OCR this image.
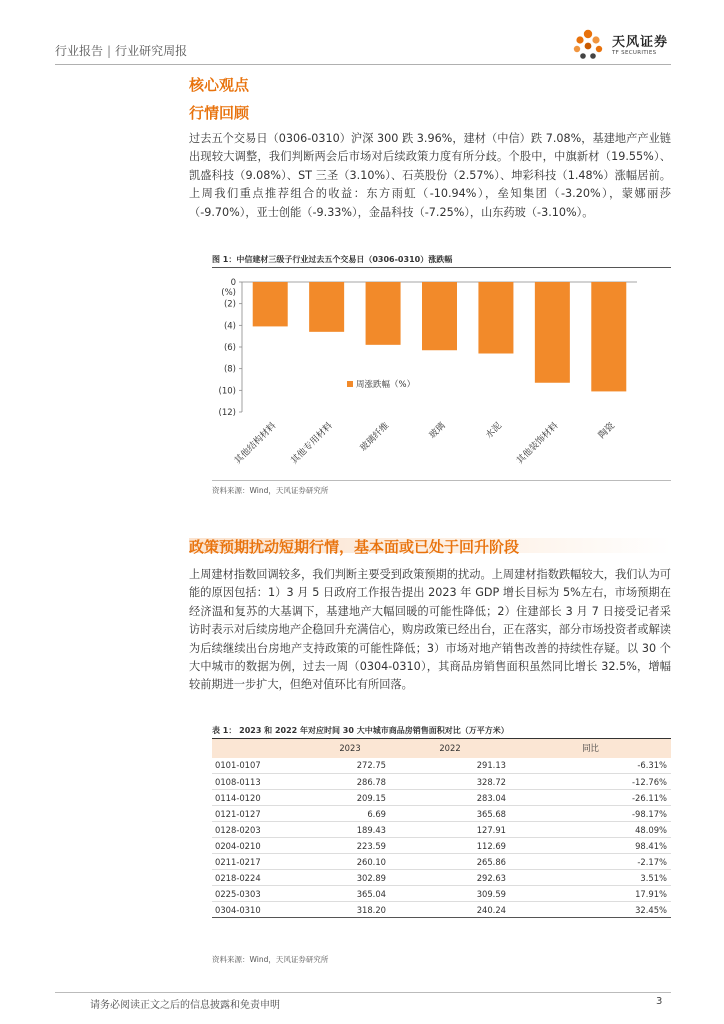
行业报告 | 行业研究周报
天风证券
TF SECURITIES
核心观点
行情回顾
过去五个交易日（0306-0310）沪深 300 跌 3.96%，建材（中信）跌 7.08%，基建地产产业链出现较大调整，我们判断两会后市场对后续政策力度有所分歧。个股中，中旗新材（19.55%）、凯盛科技（9.08%）、ST 三圣（3.10%）、石英股份（2.57%）、坤彩科技（1.48%）涨幅居前。上周我们重点推荐组合的收益：东方雨虹（-10.94%），垒知集团（-3.20%），蒙娜丽莎（-9.70%），亚士创能（-9.33%），金晶科技（-7.25%），山东药玻（-3.10%）。
图 1：中信建材三级子行业过去五个交易日（0306-0310）涨跌幅
0
(2)
(4)
(6)
(8)
(10)
(12)
(%)
其他结构材料 其他专用材料	玻璃纤维	玻璃	水泥 其他装饰材料	陶瓷
周涨跌幅（%）
资料来源：Wind，天风证券研究所
政策预期扰动短期行情，基本面或已处于回升阶段
上周建材指数回调较多，我们判断主要受到政策预期的扰动。上周建材指数跌幅较大，我们认为可能的原因包括：1）3 月 5 日政府工作报告提出 2023 年 GDP 增长目标为 5%左右，市场预期在经济温和复苏的大基调下，基建地产大幅回暖的可能性降低；2）住建部长 3 月 7 日接受记者采访时表示对后续房地产企稳回升充满信心，购房政策已经出台，正在落实，部分市场投资者或解读为后续继续出台房地产支持政策的可能性降低；3）市场对地产销售改善的持续性存疑。以 30 个大中城市的数据为例，过去一周（0304-0310），其商品房销售面积虽然同比增长 32.5%，增幅较前期进一步扩大，但绝对值环比有所回落。
表 1： 2023 和 2022 年对应时间 30 大中城市商品房销售面积对比（万平方米）
	2023	2022	同比
0101-0107	272.75	291.13	-6.31%
0108-0113	286.78	328.72	-12.76%
0114-0120	209.15	283.04	-26.11%
0121-0127	6.69	365.68	-98.17%
0128-0203	189.43	127.91	48.09%
0204-0210	223.59	112.69	98.41%
0211-0217	260.10	265.86	-2.17%
0218-0224	302.89	292.63	3.51%
0225-0303	365.04	309.59	17.91%
0304-0310	318.20	240.24	32.45%
资料来源：Wind，天风证券研究所
请务必阅读正文之后的信息披露和免责申明	3
